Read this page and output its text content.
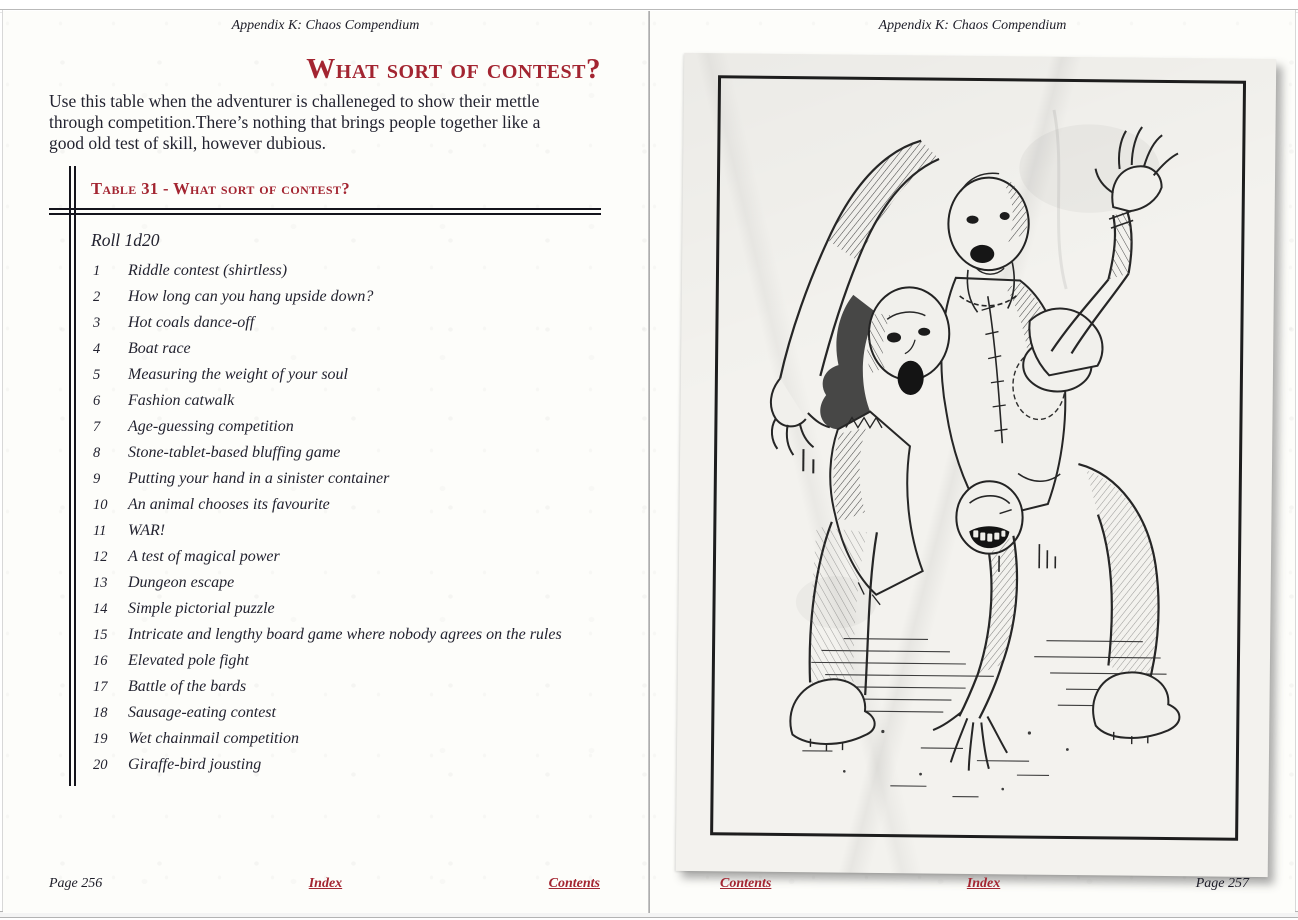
Appendix K: Chaos Compendium

What sort of contest?

Use this table when the adventurer is challeneged to show their mettle through competition.There’s nothing that brings people together like a good old test of skill, however dubious.

Table 31 - What sort of contest?

Roll 1d20

1	Riddle contest (shirtless)
2	How long can you hang upside down?
3	Hot coals dance-off
4	Boat race
5	Measuring the weight of your soul
6	Fashion catwalk
7	Age-guessing competition
8	Stone-tablet-based bluffing game
9	Putting your hand in a sinister container
10	An animal chooses its favourite
11	WAR!
12	A test of magical power
13	Dungeon escape
14	Simple pictorial puzzle
15	Intricate and lengthy board game where nobody agrees on the rules
16	Elevated pole fight
17	Battle of the bards
18	Sausage-eating contest
19	Wet chainmail competition
20	Giraffe-bird jousting
Page 256	Index	Contents

Appendix K: Chaos Compendium

Contents	Index	Page 257
